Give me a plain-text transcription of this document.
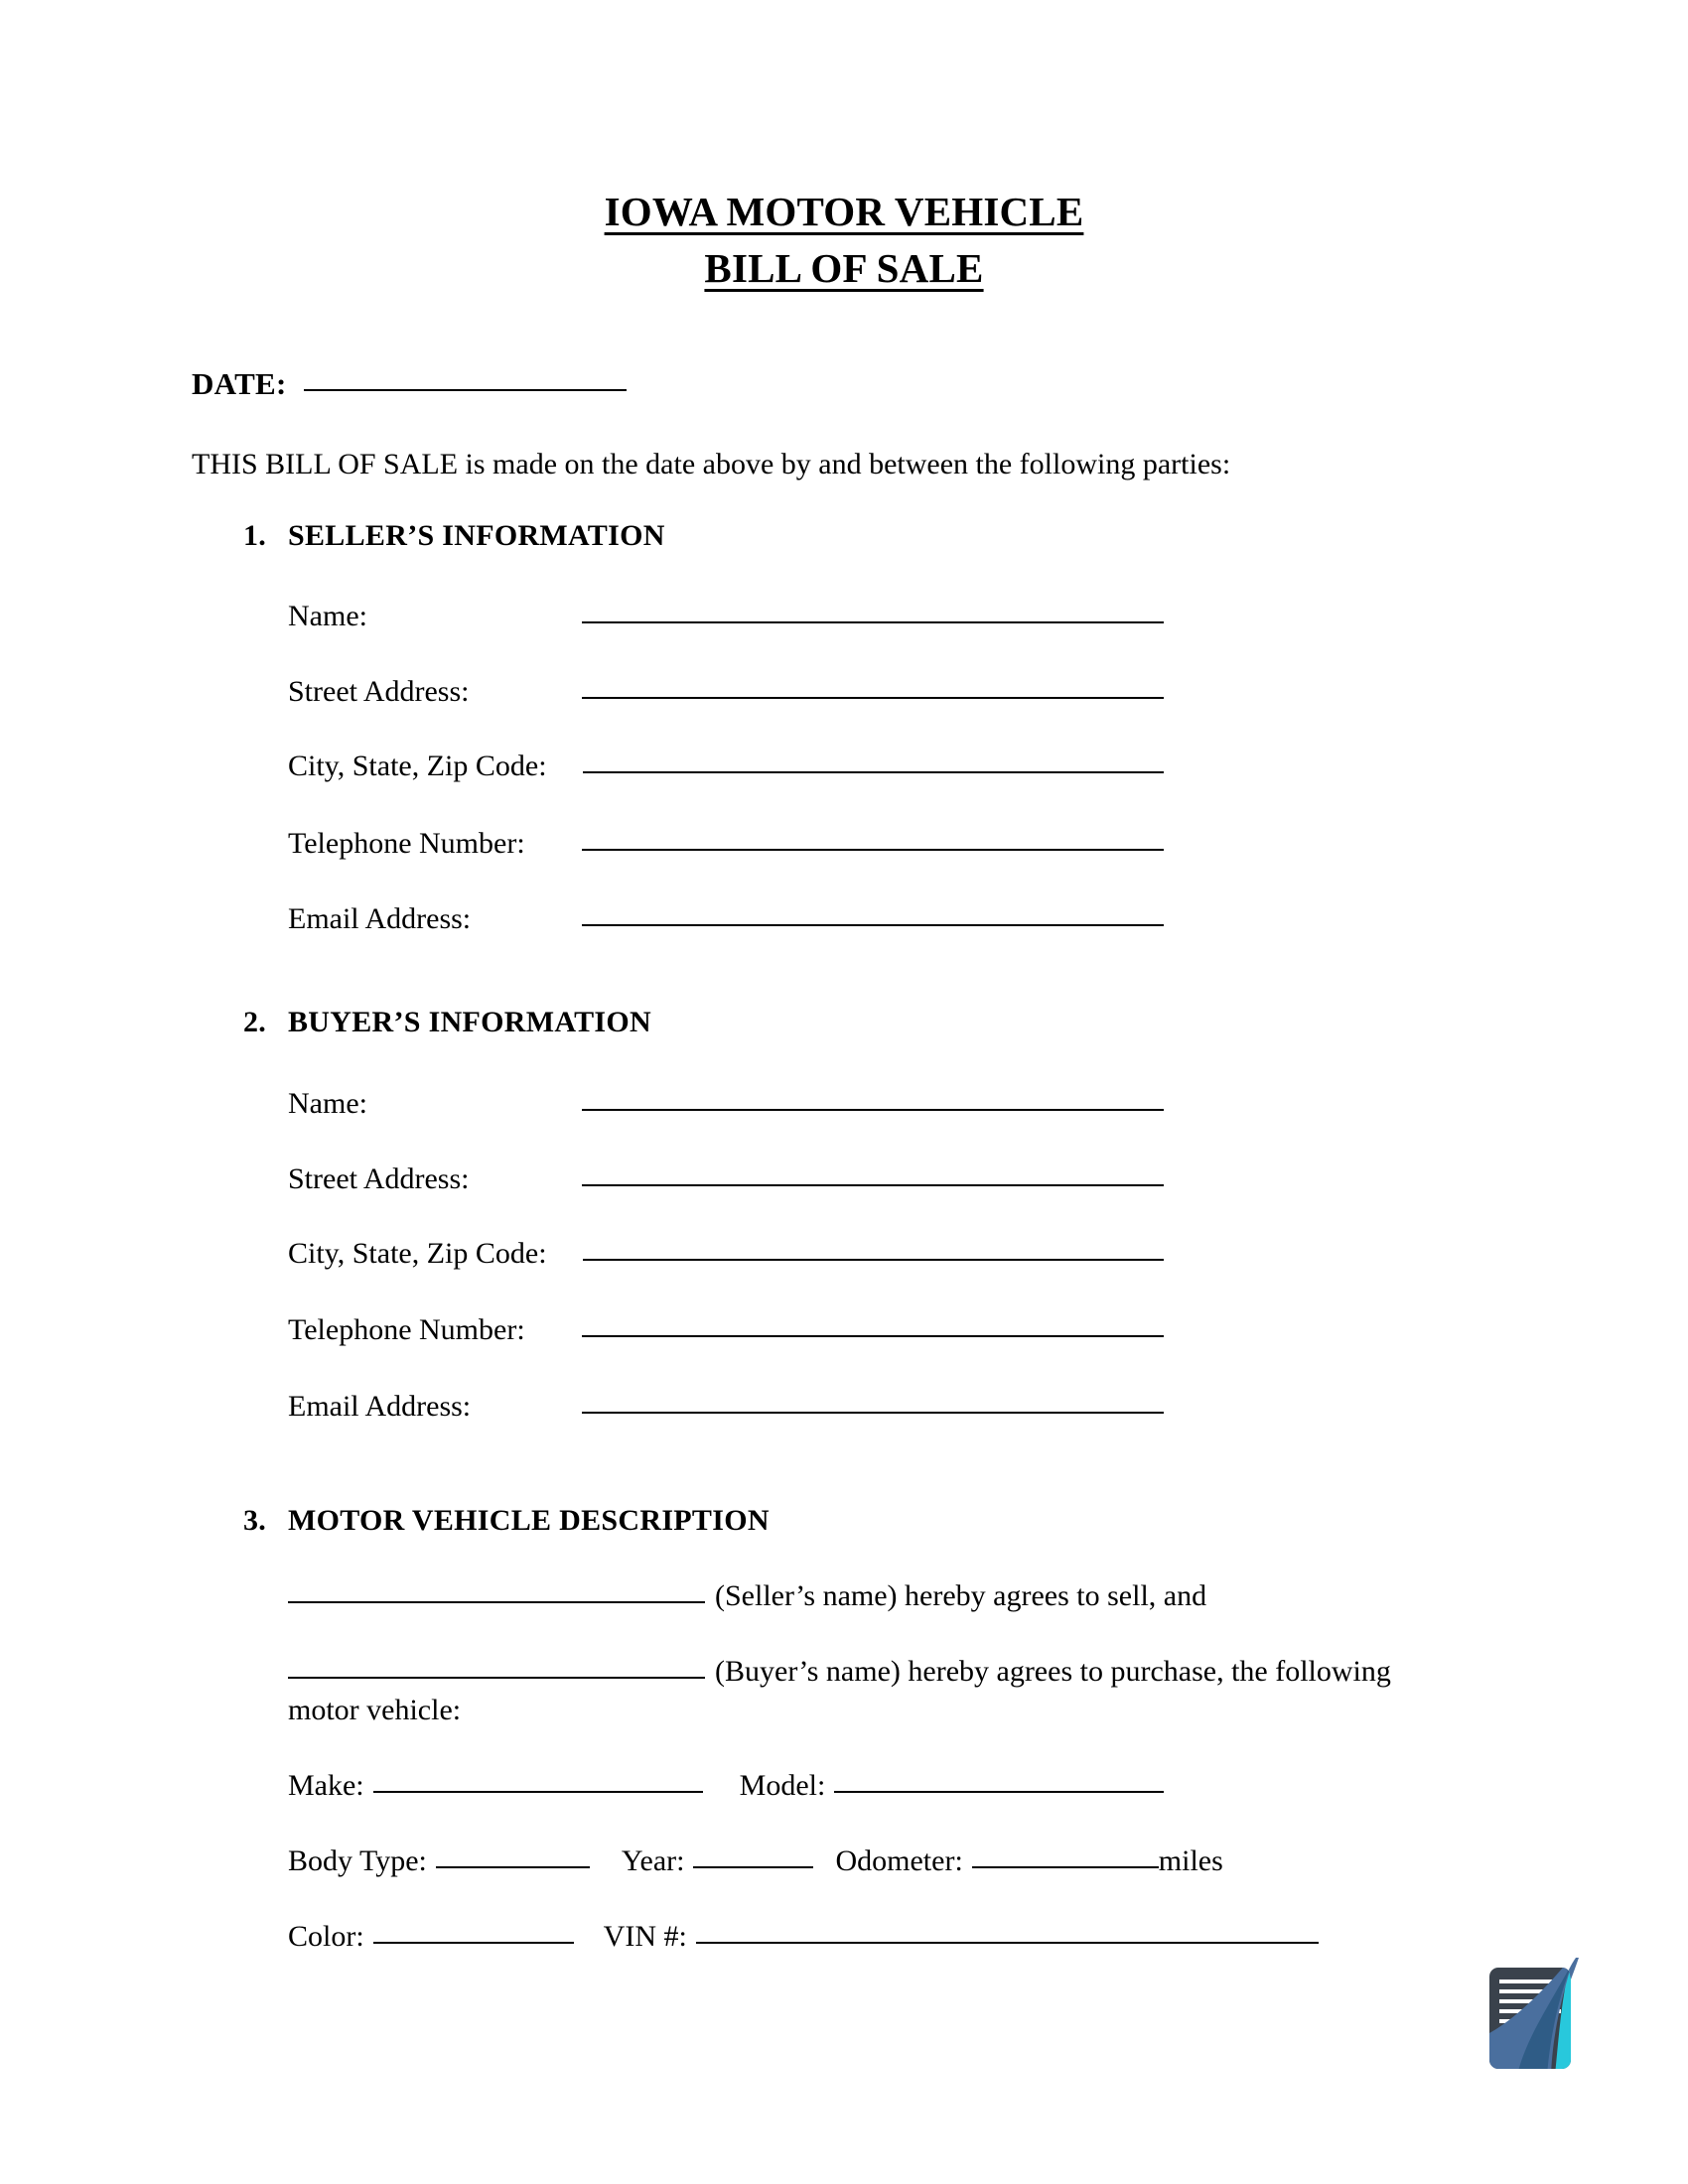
IOWA MOTOR VEHICLE
BILL OF SALE
DATE:
THIS BILL OF SALE is made on the date above by and between the following parties:
1. SELLER’S INFORMATION
Name:
Street Address:
City, State, Zip Code:
Telephone Number:
Email Address:
2. BUYER’S INFORMATION
Name:
Street Address:
City, State, Zip Code:
Telephone Number:
Email Address:
3. MOTOR VEHICLE DESCRIPTION
(Seller’s name) hereby agrees to sell, and
(Buyer’s name) hereby agrees to purchase, the following
motor vehicle:
Make:	Model:
Body Type:	Year:	Odometer:	miles
Color:	VIN #:
